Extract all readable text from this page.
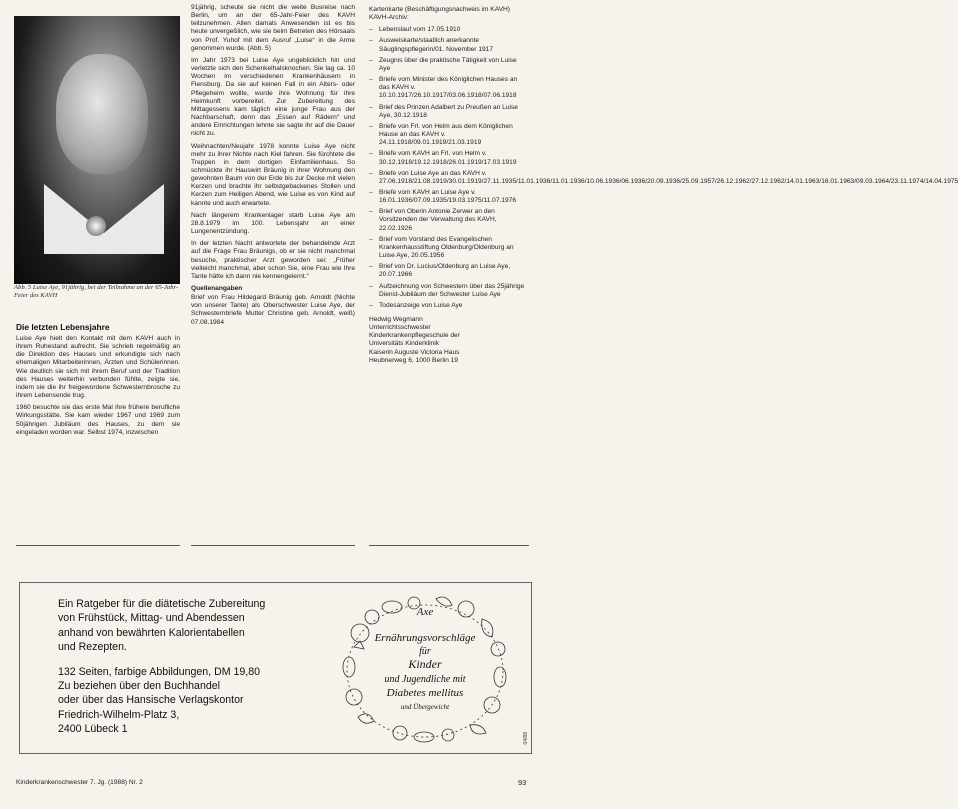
Abb. 5 Luise Aye, 91jährig, bei der Teilnahme an der 65-Jahr-Feier des KAVH
Die letzten Lebensjahre

Luise Aye hielt den Kontakt mit dem KAVH auch in ihrem Ruhestand aufrecht. Sie schrieb regelmäßig an die Direktion des Hauses und erkundigte sich nach ehemaligen Mitarbeiterinnen, Ärzten und Schülerinnen. Wie deutlich sie sich mit ihrem Beruf und der Tradition des Hauses weiterhin verbunden fühlte, zeigte sie, indem sie die ihr freigewordene Schwesternbrosche zu ihrem Lebensende trug.

1960 besuchte sie das erste Mal ihre frühere berufliche Wirkungsstätte. Sie kam wieder 1967 und 1969 zum 50jährigen Jubiläum des Hauses, zu dem sie eingeladen worden war. Selbst 1974, inzwischen

91jährig, scheute sie nicht die weite Busreise nach Berlin, um an der 65-Jahr-Feier des KAVH teilzunehmen. Allen damals Anwesenden ist es bis heute unvergeßlich, wie sie beim Betreten des Hörsaals von Prof. Yuhof mit dem Ausruf „Luise“ in die Arme genommen wurde. (Abb. 5)

Im Jahr 1973 bei Luise Aye ungeblicklich hin und verletzte sich den Schenkelhalsknochen. Sie lag ca. 10 Wochen im verschiedenen Krankenhäusern in Flensburg. Da sie auf keinen Fall in ein Alters- oder Pflegeheim wollte, wurde ihre Wohnung für ihre Heimkunft vorbereitet. Zur Zubereitung des Mittagessens kam täglich eine junge Frau aus der Nachbarschaft, denn das „Essen auf Rädern“ und andere Einrichtungen lehnte sie sagte ihr auf die Dauer nicht zu.

Weihnachten/Neujahr 1978 konnte Luise Aye nicht mehr zu ihrer Nichte nach Kiel fahren. Sie fürchtete die Treppen in dem dortigen Einfamilienhaus. So schmückte ihr Hauswirt Bräunig in ihrer Wohnung den gewohnten Baum von der Erde bis zur Decke mit vielen Kerzen und brachte ihr selbstgebackenes Stollen und Kerzen zum Heiligen Abend, wie Luise es von Kind auf kannte und auch erwartete.

Nach längerem Krankenlager starb Luise Aye am 28.8.1979 im 100. Lebensjahr an einer Lungenentzündung.

In der letzten Nacht antwortete der behandelnde Arzt auf die Frage Frau Bräunigs, ob er sie nicht manchmal besuche, praktischer Arzt geworden sei: „Früher vielleicht manchmal, aber schon Sie, eine Frau wie Ihre Tante hätte ich dann nie kennengelernt.“

Quellenangaben

Brief von Frau Hildegard Bräunig geb. Arnoldt (Nichte von unserer Tante) als Oberschwester Luise Aye, der Schwesternbriefe Mutter Christine geb. Arnoldt, weiß) 07.08.1984

Kartenkarte (Beschäftigungsnachweis im KAVH) KAVH-Archiv:

– Lebenslauf vom 17.05.1910
– Ausweiskarte/staatlich anerkannte Säuglingspflegerin/01. November 1917
– Zeugnis über die praktische Tätigkeit von Luise Aye
– Briefe vom Minister des Königlichen Hauses an das KAVH v. 10.10.1917/26.10.1917/03.06.1918/07.06.1918
– Brief des Prinzen Adalbert zu Preußen an Luise Aye, 30.12.1918
– Briefe von Frl. von Helm aus dem Königlichen Hause an das KAVH v. 24.11.1918/09.01.1919/21.03.1919
– Briefe vom KAVH an Frl. von Helm v. 30.12.1918/19.12.1918/26.01.1919/17.03.1919
– Briefe von Luise Aye an das KAVH v. 27.06.1918/21.08.1919/30.01.1919/27.11.1935/11.01.1936/11.01.1936/10.06.1936/06.1936/20.09.1936/25.09.1957/26.12.1962/27.12.1962/14.01.1963/16.01.1963/09.03.1964/23.11.1974/14.04.1975
– Briefe vom KAVH an Luise Aye v. 16.01.1936/07.09.1935/19.03.1975/11.07.1976
– Brief von Oberin Antonie Zerwer an den Vorsitzenden der Verwaltung des KAVH, 22.02.1926
– Brief vom Vorstand des Evangelischen Krankenhausstiftung Oldenburg/Oldenburg an Luise Aye, 20.05.1956
– Brief von Dr. Lucius/Oldenburg an Luise Aye, 20.07.1966
– Aufzeichnung von Schwestern über das 25jährige Dienst-Jubiläum der Schwester Luise Aye
– Todesanzeige von Luise Aye
Hedwig Wegmann
Unterrichtsschwester
Kinderkrankenpflegeschule der
Universitäts Kinderklinik
Kaiserin Auguste Victoria Haus
Heubnerweg 6, 1000 Berlin 19
Ein Ratgeber für die diätetische Zubereitung
von Frühstück, Mittag- und Abendessen
anhand von bewährten Kalorientabellen
und Rezepten.
132 Seiten, farbige Abbildungen, DM 19,80
Zu beziehen über den Buchhandel
oder über das Hansische Verlagskontor
Friedrich-Wilhelm-Platz 3,
2400 Lübeck 1
Axe
Ernährungsvorschläge
für
Kinder
und Jugendliche mit
Diabetes mellitus
und Übergewicht
04/88
Kinderkrankenschwester 7. Jg. (1988) Nr. 2	93
